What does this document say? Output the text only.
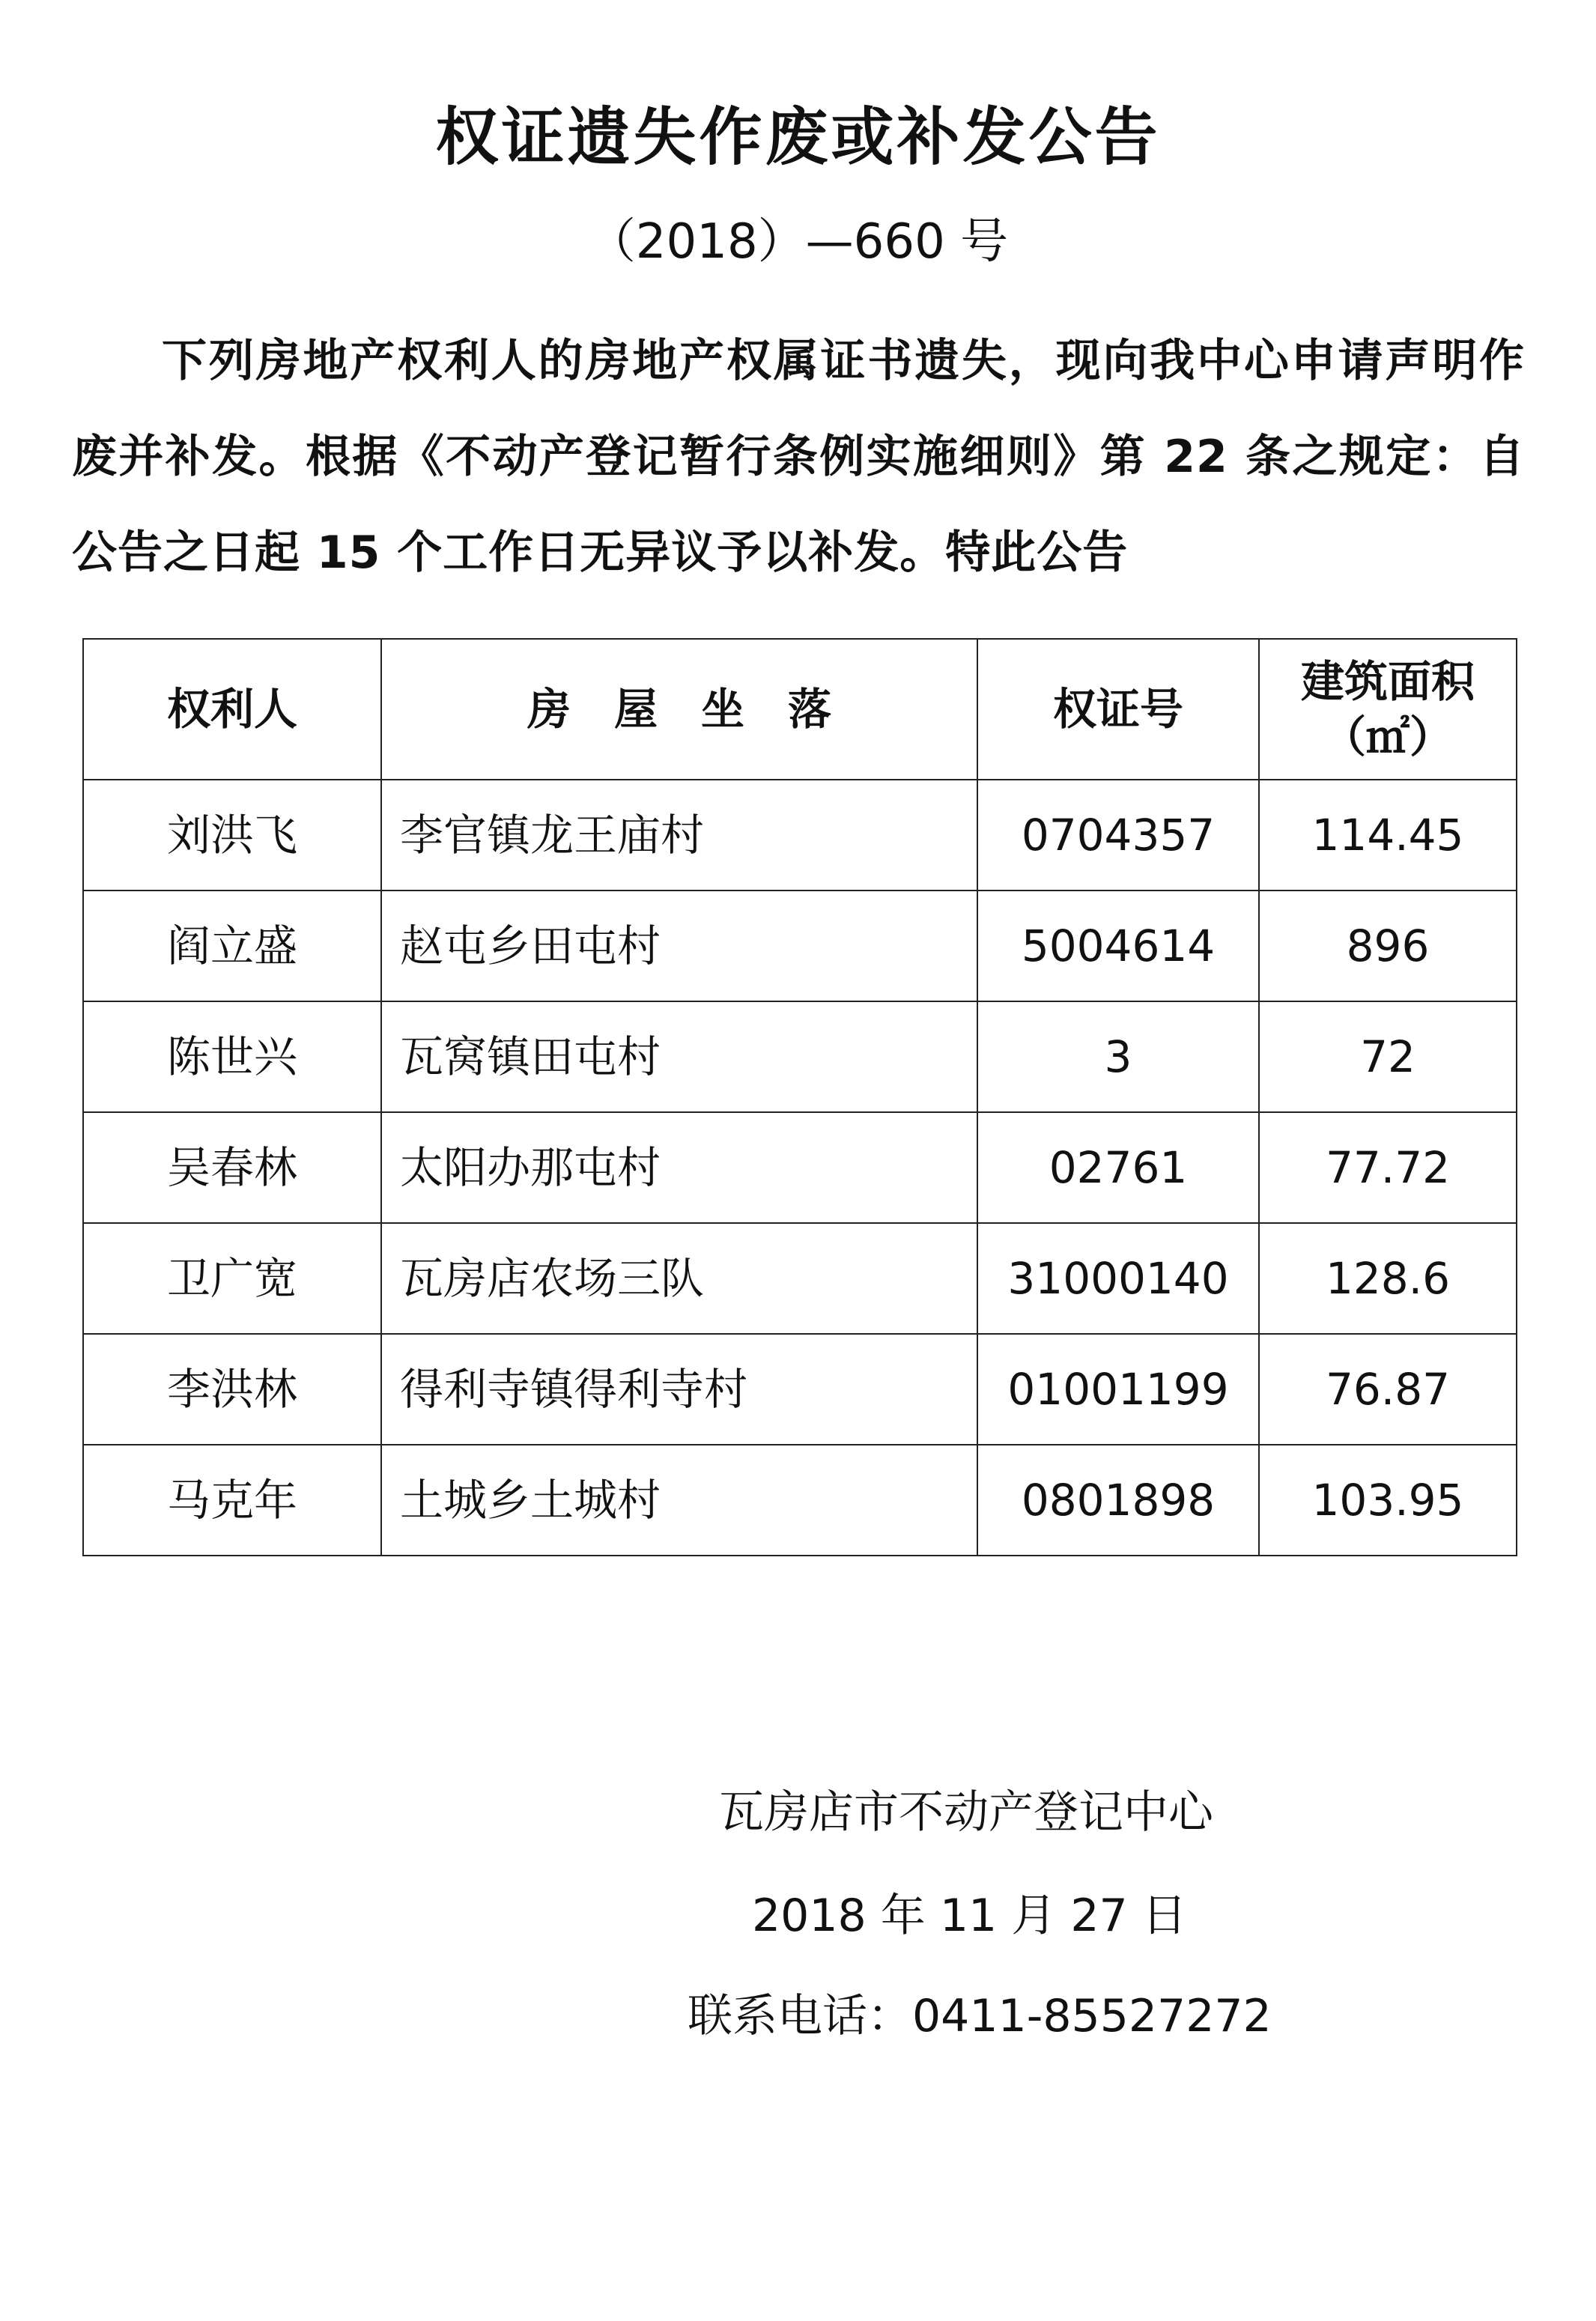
权证遗失作废或补发公告
（2018）—660 号
下列房地产权利人的房地产权属证书遗失，现向我中心申请声明作废并补发。根据《不动产登记暂行条例实施细则》第 22 条之规定：自公告之日起 15 个工作日无异议予以补发。特此公告
权利人	房　屋　坐　落	权证号	建筑面积
（㎡）

刘洪飞	李官镇龙王庙村	0704357	114.45
阎立盛	赵屯乡田屯村	5004614	896
陈世兴	瓦窝镇田屯村	3	72
吴春林	太阳办那屯村	02761	77.72
卫广宽	瓦房店农场三队	31000140	128.6
李洪林	得利寺镇得利寺村	01001199	76.87
马克年	土城乡土城村	0801898	103.95
瓦房店市不动产登记中心
2018 年 11 月 27 日
联系电话：0411-85527272
